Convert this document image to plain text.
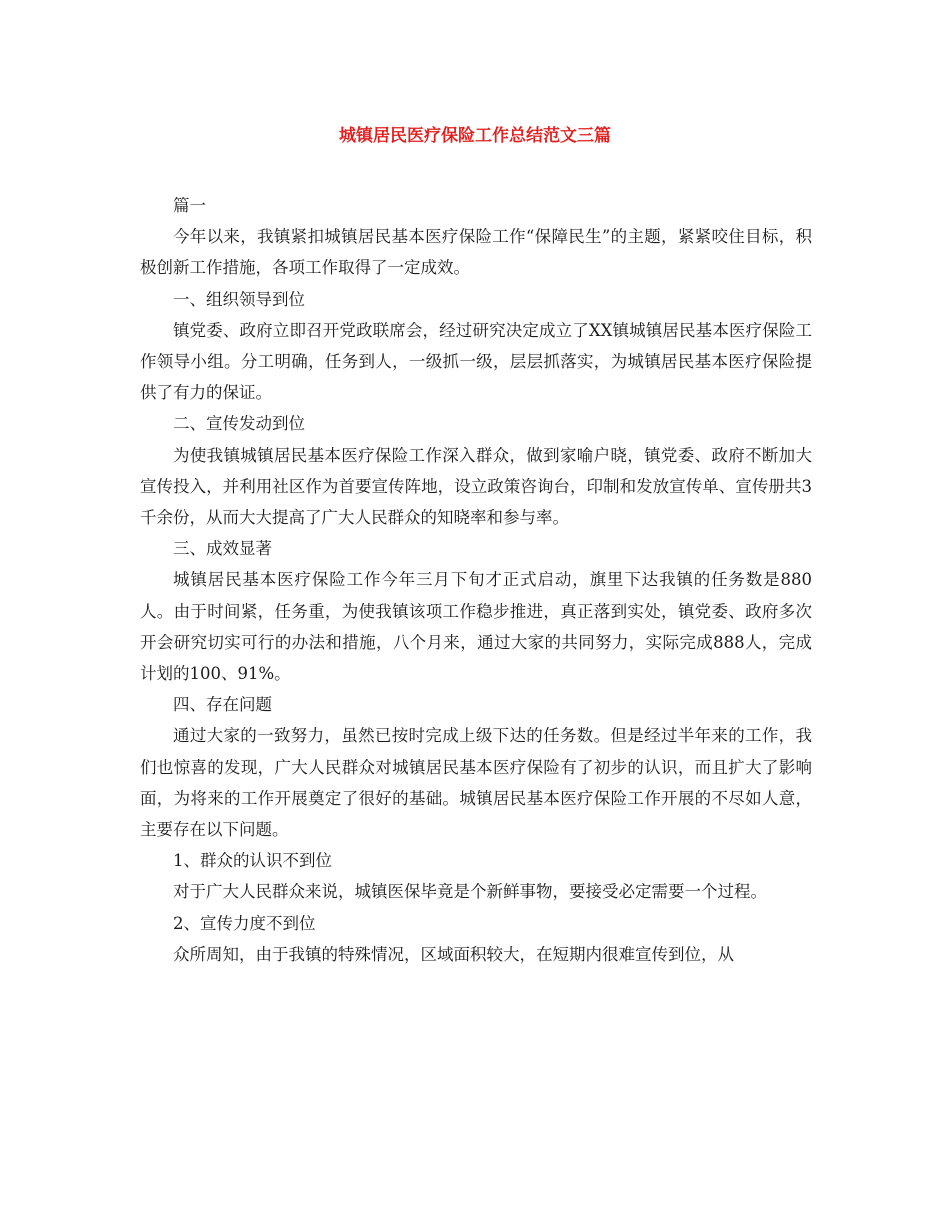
城镇居民医疗保险工作总结范文三篇

篇一

今年以来，我镇紧扣城镇居民基本医疗保险工作“保障民生”的主题，紧紧咬住目标，积极创新工作措施，各项工作取得了一定成效。

一、组织领导到位

镇党委、政府立即召开党政联席会，经过研究决定成立了XX镇城镇居民基本医疗保险工作领导小组。分工明确，任务到人，一级抓一级，层层抓落实，为城镇居民基本医疗保险提供了有力的保证。

二、宣传发动到位

为使我镇城镇居民基本医疗保险工作深入群众，做到家喻户晓，镇党委、政府不断加大宣传投入，并利用社区作为首要宣传阵地，设立政策咨询台，印制和发放宣传单、宣传册共3千余份，从而大大提高了广大人民群众的知晓率和参与率。

三、成效显著

城镇居民基本医疗保险工作今年三月下旬才正式启动，旗里下达我镇的任务数是880人。由于时间紧，任务重，为使我镇该项工作稳步推进，真正落到实处，镇党委、政府多次开会研究切实可行的办法和措施，八个月来，通过大家的共同努力，实际完成888人，完成计划的100、91%。

四、存在问题

通过大家的一致努力，虽然已按时完成上级下达的任务数。但是经过半年来的工作，我们也惊喜的发现，广大人民群众对城镇居民基本医疗保险有了初步的认识，而且扩大了影响面，为将来的工作开展奠定了很好的基础。城镇居民基本医疗保险工作开展的不尽如人意，主要存在以下问题。

1、群众的认识不到位

对于广大人民群众来说，城镇医保毕竟是个新鲜事物，要接受必定需要一个过程。

2、宣传力度不到位

众所周知，由于我镇的特殊情况，区域面积较大，在短期内很难宣传到位，从
